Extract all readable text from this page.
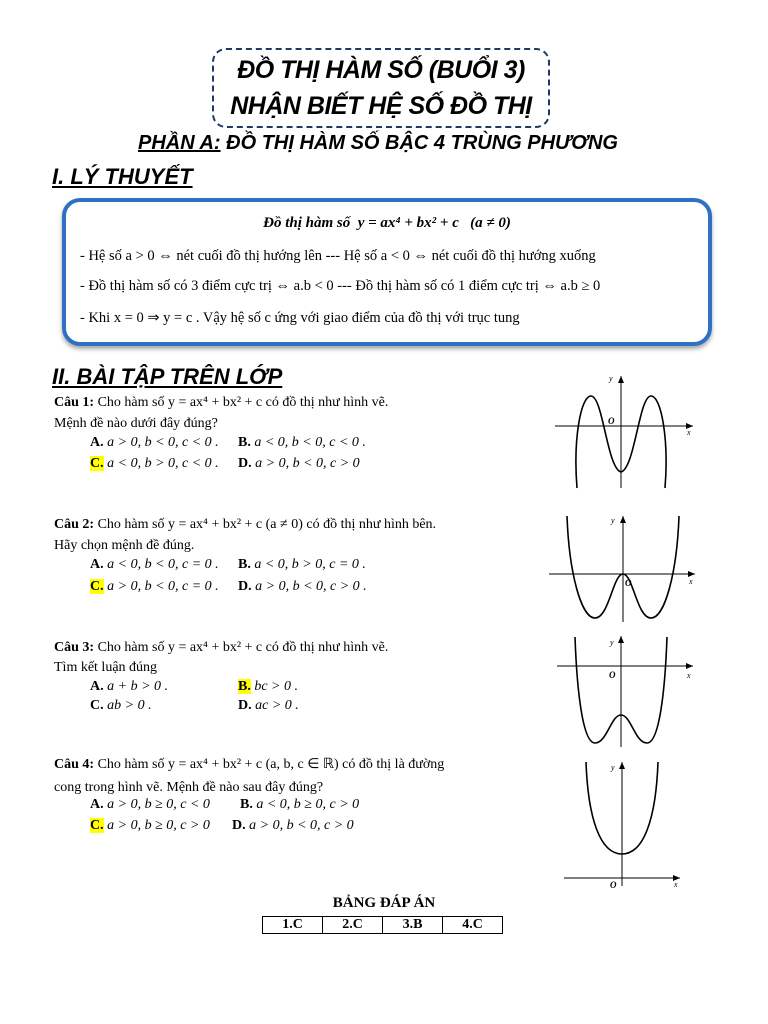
ĐỒ THỊ HÀM SỐ (BUỔI 3)
NHẬN BIẾT HỆ SỐ ĐỒ THỊ
PHẦN A: ĐỒ THỊ HÀM SỐ BẬC 4 TRÙNG PHƯƠNG
I. LÝ THUYẾT
Đồ thị hàm số y = ax⁴ + bx² + c (a ≠ 0)
- Hệ số a > 0 ⇔ nét cuối đồ thị hướng lên --- Hệ số a < 0 ⇔ nét cuối đồ thị hướng xuống
- Đồ thị hàm số có 3 điểm cực trị ⇔ a.b < 0 --- Đồ thị hàm số có 1 điểm cực trị ⇔ a.b ≥ 0
- Khi x = 0 ⇒ y = c . Vậy hệ số c ứng với giao điểm của đồ thị với trục tung
II. BÀI TẬP TRÊN LỚP
Câu 1: Cho hàm số y = ax⁴ + bx² + c có đồ thị như hình vẽ.
Mệnh đề nào dưới đây đúng?
A. a > 0, b < 0, c < 0 . B. a < 0, b < 0, c < 0 .
C. a < 0, b > 0, c < 0 . D. a > 0, b < 0, c > 0
y
x
O
Câu 2: Cho hàm số y = ax⁴ + bx² + c (a ≠ 0) có đồ thị như hình bên.
Hãy chọn mệnh đề đúng.
A. a < 0, b < 0, c = 0 . B. a < 0, b > 0, c = 0 .
C. a > 0, b < 0, c = 0 . D. a > 0, b < 0, c > 0 .
y
x
O
Câu 3: Cho hàm số y = ax⁴ + bx² + c có đồ thị như hình vẽ.
Tìm kết luận đúng
A. a + b > 0 .	B. bc > 0 .
C. ab > 0 .	D. ac > 0 .
y
x
O
Câu 4: Cho hàm số y = ax⁴ + bx² + c (a, b, c ∈ ℝ) có đồ thị là đường
cong trong hình vẽ. Mệnh đề nào sau đây đúng?
A. a > 0, b ≥ 0, c < 0 B. a < 0, b ≥ 0, c > 0
C. a > 0, b ≥ 0, c > 0 D. a > 0, b < 0, c > 0
y
x
O
BẢNG ĐÁP ÁN
1.C	2.C	3.B	4.C
